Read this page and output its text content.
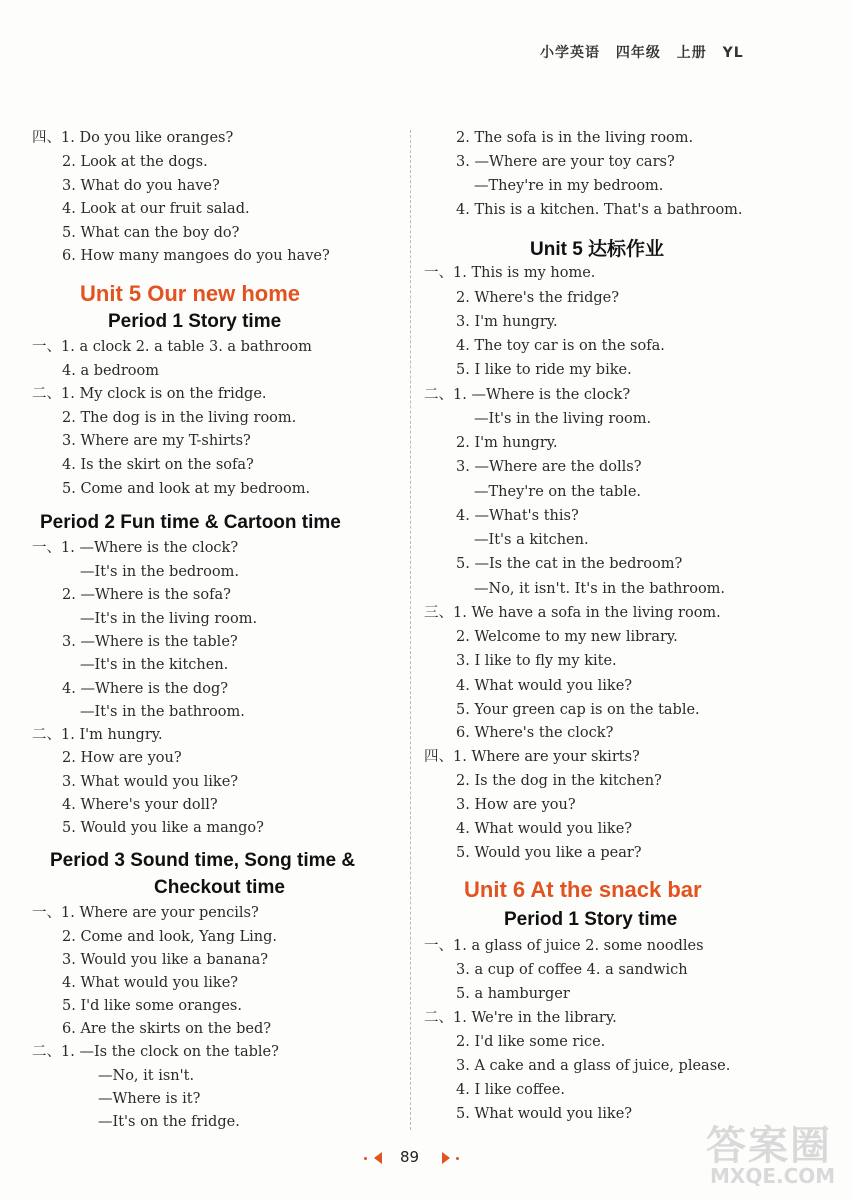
小学英语 四年级 上册 YL
四、1. Do you like oranges?
2. Look at the dogs.
3. What do you have?
4. Look at our fruit salad.
5. What can the boy do?
6. How many mangoes do you have?
Unit 5 Our new home
Period 1 Story time
一、1. a clock 2. a table 3. a bathroom
4. a bedroom
二、1. My clock is on the fridge.
2. The dog is in the living room.
3. Where are my T-shirts?
4. Is the skirt on the sofa?
5. Come and look at my bedroom.
Period 2 Fun time & Cartoon time
一、1. —Where is the clock?
—It's in the bedroom.
2. —Where is the sofa?
—It's in the living room.
3. —Where is the table?
—It's in the kitchen.
4. —Where is the dog?
—It's in the bathroom.
二、1. I'm hungry.
2. How are you?
3. What would you like?
4. Where's your doll?
5. Would you like a mango?
Period 3 Sound time, Song time &
Checkout time
一、1. Where are your pencils?
2. Come and look, Yang Ling.
3. Would you like a banana?
4. What would you like?
5. I'd like some oranges.
6. Are the skirts on the bed?
二、1. —Is the clock on the table?
—No, it isn't.
—Where is it?
—It's on the fridge.
2. The sofa is in the living room.
3. —Where are your toy cars?
—They're in my bedroom.
4. This is a kitchen. That's a bathroom.
Unit 5 达标作业
一、1. This is my home.
2. Where's the fridge?
3. I'm hungry.
4. The toy car is on the sofa.
5. I like to ride my bike.
二、1. —Where is the clock?
—It's in the living room.
2. I'm hungry.
3. —Where are the dolls?
—They're on the table.
4. —What's this?
—It's a kitchen.
5. —Is the cat in the bedroom?
—No, it isn't. It's in the bathroom.
三、1. We have a sofa in the living room.
2. Welcome to my new library.
3. I like to fly my kite.
4. What would you like?
5. Your green cap is on the table.
6. Where's the clock?
四、1. Where are your skirts?
2. Is the dog in the kitchen?
3. How are you?
4. What would you like?
5. Would you like a pear?
Unit 6 At the snack bar
Period 1 Story time
一、1. a glass of juice 2. some noodles
3. a cup of coffee 4. a sandwich
5. a hamburger
二、1. We're in the library.
2. I'd like some rice.
3. A cake and a glass of juice, please.
4. I like coffee.
5. What would you like?
89	答案圈
MXQE.COM
